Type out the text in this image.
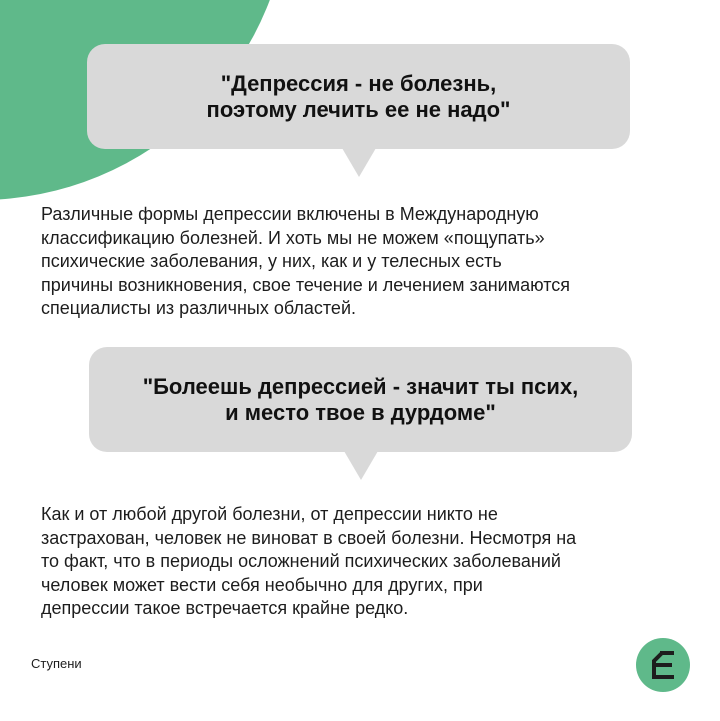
"Депрессия - не болезнь,
поэтому лечить ее не надо"
Различные формы депрессии включены в Международную
классификацию болезней. И хоть мы не можем «пощупать»
психические заболевания, у них, как и у телесных есть
причины возникновения, свое течение и лечением занимаются
специалисты из различных областей.
"Болеешь депрессией - значит ты псих,
и место твое в дурдоме"
Как и от любой другой болезни, от депрессии никто не
застрахован, человек не виноват в своей болезни. Несмотря на
то факт, что в периоды осложнений психических заболеваний
человек может вести себя необычно для других, при
депрессии такое встречается крайне редко.
Ступени
